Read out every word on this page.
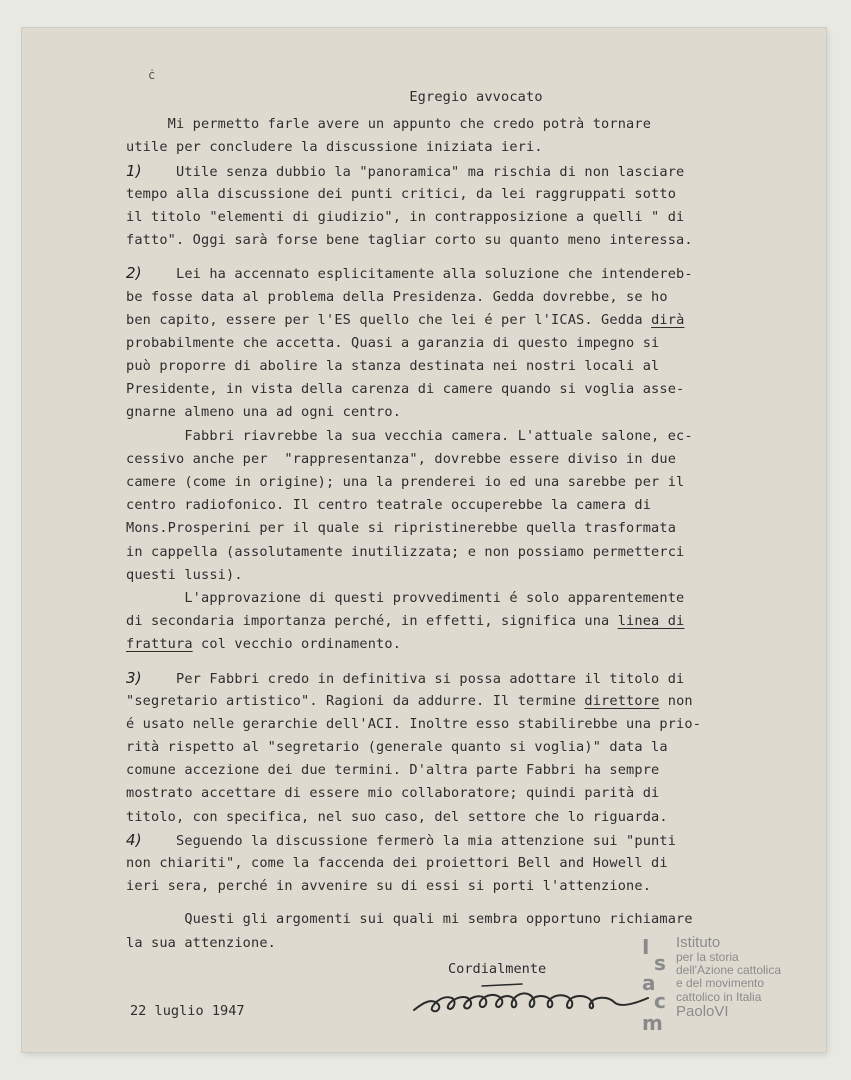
ċ
Egregio avvocato
Mi permetto farle avere un appunto che credo potrà tornare
utile per concludere la discussione iniziata ieri.
1)	Utile senza dubbio la "panoramica" ma rischia di non lasciare
tempo alla discussione dei punti critici, da lei raggruppati sotto
il titolo "elementi di giudizio", in contrapposizione a quelli " di
fatto". Oggi sarà forse bene tagliar corto su quanto meno interessa.
2)	Lei ha accennato esplicitamente alla soluzione che intendereb-
be fosse data al problema della Presidenza. Gedda dovrebbe, se ho
ben capito, essere per l'ES quello che lei é per l'ICAS. Gedda dirà
probabilmente che accetta. Quasi a garanzia di questo impegno si
può proporre di abolire la stanza destinata nei nostri locali al
Presidente, in vista della carenza di camere quando si voglia asse-
gnarne almeno una ad ogni centro.
Fabbri riavrebbe la sua vecchia camera. L'attuale salone, ec-
cessivo anche per  "rappresentanza", dovrebbe essere diviso in due
camere (come in origine); una la prenderei io ed una sarebbe per il
centro radiofonico. Il centro teatrale occuperebbe la camera di
Mons.Prosperini per il quale si ripristinerebbe quella trasformata
in cappella (assolutamente inutilizzata; e non possiamo permetterci
questi lussi).
L'approvazione di questi provvedimenti é solo apparentemente
di secondaria importanza perché, in effetti, significa una linea di
frattura col vecchio ordinamento.
3)	Per Fabbri credo in definitiva si possa adottare il titolo di
"segretario artistico". Ragioni da addurre. Il termine direttore non
é usato nelle gerarchie dell'ACI. Inoltre esso stabilirebbe una prio-
rità rispetto al "segretario (generale quanto si voglia)" data la
comune accezione dei due termini. D'altra parte Fabbri ha sempre
mostrato accettare di essere mio collaboratore; quindi parità di
titolo, con specifica, nel suo caso, del settore che lo riguarda.
4)	Seguendo la discussione fermerò la mia attenzione sui "punti
non chiariti", come la faccenda dei proiettori Bell and Howell di
ieri sera, perché in avvenire su di essi si porti l'attenzione.
Questi gli argomenti sui quali mi sembra opportuno richiamare
la sua attenzione.
Cordialmente
22 luglio 1947
I
s
a
c
m
Istituto
per la storia
dell'Azione cattolica
e del movimento
cattolico in Italia
PaoloVI
